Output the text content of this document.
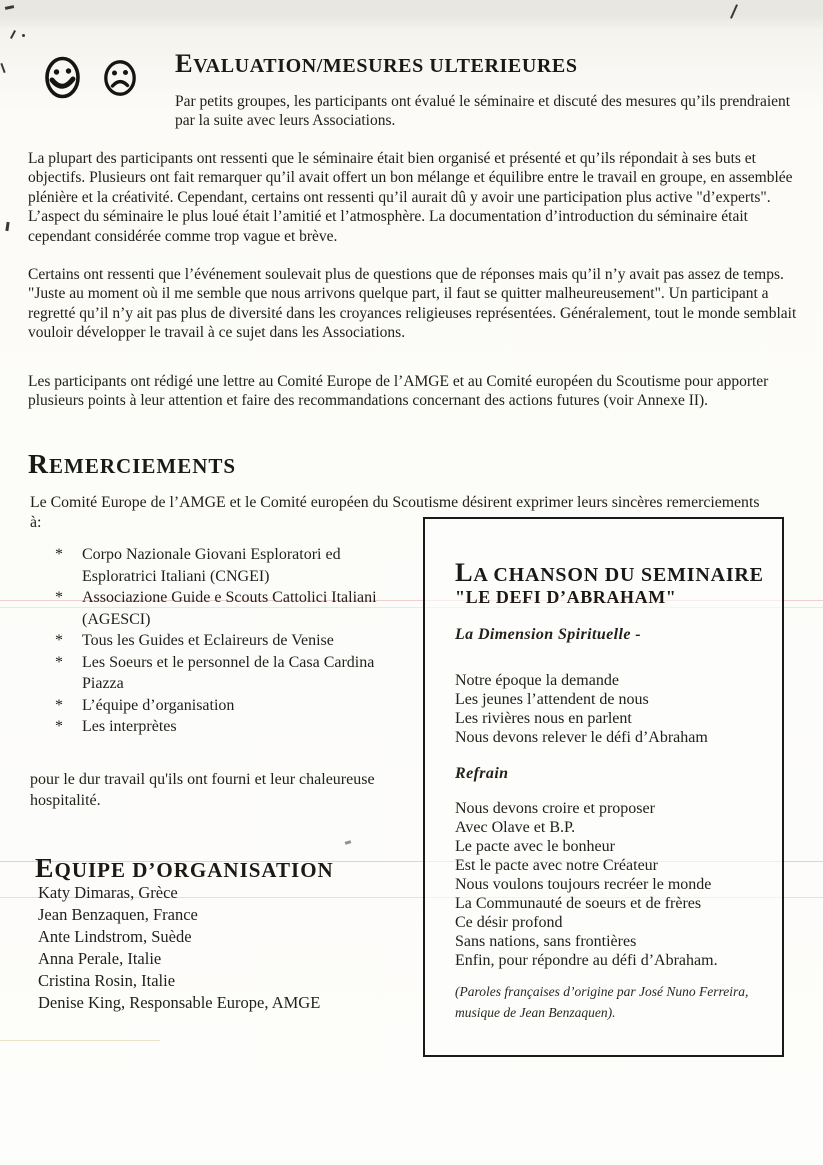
EVALUATION/MESURES ULTERIEURES

Par petits groupes, les participants ont évalué le séminaire et discuté des mesures qu’ils prendraient par la suite avec leurs Associations.

La plupart des participants ont ressenti que le séminaire était bien organisé et présenté et qu’ils répondait à ses buts et objectifs. Plusieurs ont fait remarquer qu’il avait offert un bon mélange et équilibre entre le travail en groupe, en assemblée plénière et la créativité. Cependant, certains ont ressenti qu’il aurait dû y avoir une participation plus active "d’experts". L’aspect du séminaire le plus loué était l’amitié et l’atmosphère. La documentation d’introduction du séminaire était cependant considérée comme trop vague et brève.

Certains ont ressenti que l’événement soulevait plus de questions que de réponses mais qu’il n’y avait pas assez de temps. "Juste au moment où il me semble que nous arrivons quelque part, il faut se quitter malheureusement". Un participant a regretté qu’il n’y ait pas plus de diversité dans les croyances religieuses représentées. Généralement, tout le monde semblait vouloir développer le travail à ce sujet dans les Associations.

Les participants ont rédigé une lettre au Comité Europe de l’AMGE et au Comité européen du Scoutisme pour apporter plusieurs points à leur attention et faire des recommandations concernant des actions futures (voir Annexe II).

REMERCIEMENTS

Le Comité Europe de l’AMGE et le Comité européen du Scoutisme désirent exprimer leurs sincères remerciements à:

*	Corpo Nazionale Giovani Esploratori ed Esploratrici Italiani (CNGEI)
*	Associazione Guide e Scouts Cattolici Italiani (AGESCI)
*	Tous les Guides et Eclaireurs de Venise
*	Les Soeurs et le personnel de la Casa Cardina Piazza
*	L’équipe d’organisation
*	Les interprètes

pour le dur travail qu'ils ont fourni et leur chaleureuse hospitalité.

EQUIPE D’ORGANISATION
Katy Dimaras, Grèce
Jean Benzaquen, France
Ante Lindstrom, Suède
Anna Perale, Italie
Cristina Rosin, Italie
Denise King, Responsable Europe, AMGE
LA CHANSON DU SEMINAIRE
"LE DEFI D’ABRAHAM"
La Dimension Spirituelle -
Notre époque la demande
Les jeunes l’attendent de nous
Les rivières nous en parlent
Nous devons relever le défi d’Abraham
Refrain
Nous devons croire et proposer
Avec Olave et B.P.
Le pacte avec le bonheur
Est le pacte avec notre Créateur
Nous voulons toujours recréer le monde
La Communauté de soeurs et de frères
Ce désir profond
Sans nations, sans frontières
Enfin, pour répondre au défi d’Abraham.
(Paroles françaises d’origine par José Nuno Ferreira,
musique de Jean Benzaquen).
